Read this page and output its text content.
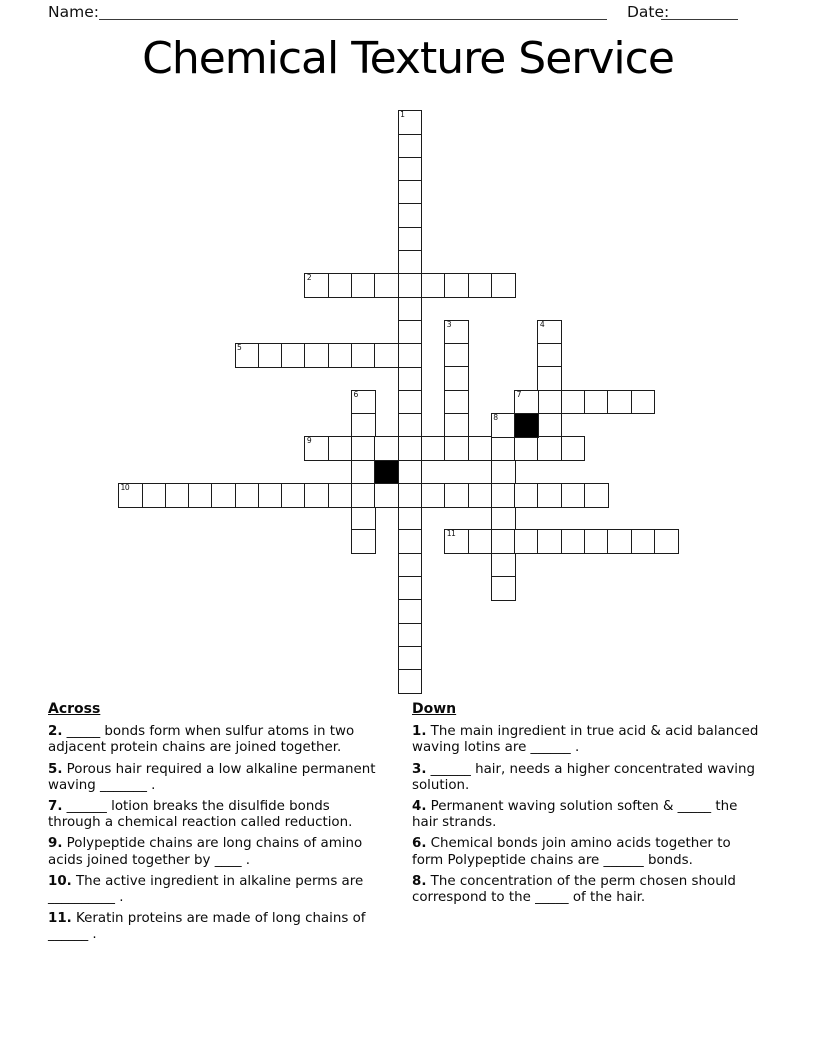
Name:	Date:
Chemical Texture Service
1
2
3	4
5
6	7
8
9
10
11
Across

2. _____ bonds form when sulfur atoms in two adjacent protein chains are joined together.

5. Porous hair required a low alkaline permanent waving _______ .

7. ______ lotion breaks the disulfide bonds through a chemical reaction called reduction.

9. Polypeptide chains are long chains of amino acids joined together by ____ .

10. The active ingredient in alkaline perms are __________ .

11. Keratin proteins are made of long chains of ______ .

Down

1. The main ingredient in true acid & acid balanced waving lotins are ______ .

3. ______ hair, needs a higher concentrated waving solution.

4. Permanent waving solution soften & _____ the hair strands.

6. Chemical bonds join amino acids together to form Polypeptide chains are ______ bonds.

8. The concentration of the perm chosen should correspond to the _____ of the hair.
